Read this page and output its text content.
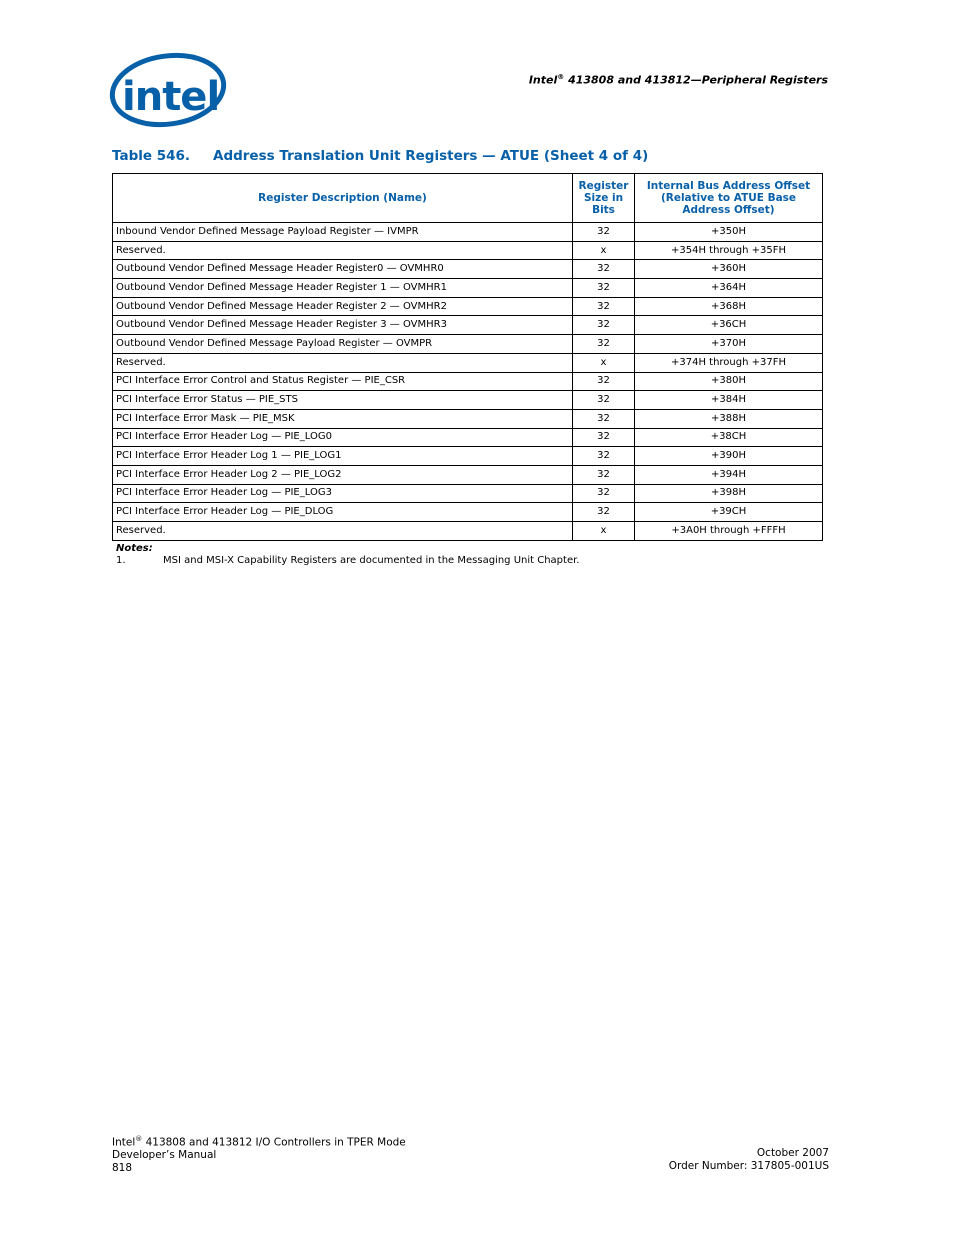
intel	Intel® 413808 and 413812—Peripheral Registers
Table 546. Address Translation Unit Registers — ATUE (Sheet 4 of 4)
Register Description (Name)	Register Size in Bits	Internal Bus Address Offset (Relative to ATUE Base Address Offset)
Inbound Vendor Defined Message Payload Register — IVMPR	32	+350H
Reserved.	x	+354H through +35FH
Outbound Vendor Defined Message Header Register0 — OVMHR0	32	+360H
Outbound Vendor Defined Message Header Register 1 — OVMHR1	32	+364H
Outbound Vendor Defined Message Header Register 2 — OVMHR2	32	+368H
Outbound Vendor Defined Message Header Register 3 — OVMHR3	32	+36CH
Outbound Vendor Defined Message Payload Register — OVMPR	32	+370H
Reserved.	x	+374H through +37FH
PCI Interface Error Control and Status Register — PIE_CSR	32	+380H
PCI Interface Error Status — PIE_STS	32	+384H
PCI Interface Error Mask — PIE_MSK	32	+388H
PCI Interface Error Header Log — PIE_LOG0	32	+38CH
PCI Interface Error Header Log 1 — PIE_LOG1	32	+390H
PCI Interface Error Header Log 2 — PIE_LOG2	32	+394H
PCI Interface Error Header Log — PIE_LOG3	32	+398H
PCI Interface Error Header Log — PIE_DLOG	32	+39CH
Reserved.	x	+3A0H through +FFFH
Notes:
1.	MSI and MSI-X Capability Registers are documented in the Messaging Unit Chapter.
Intel® 413808 and 413812 I/O Controllers in TPER Mode
Developer’s Manual
818
October 2007
Order Number: 317805-001US
